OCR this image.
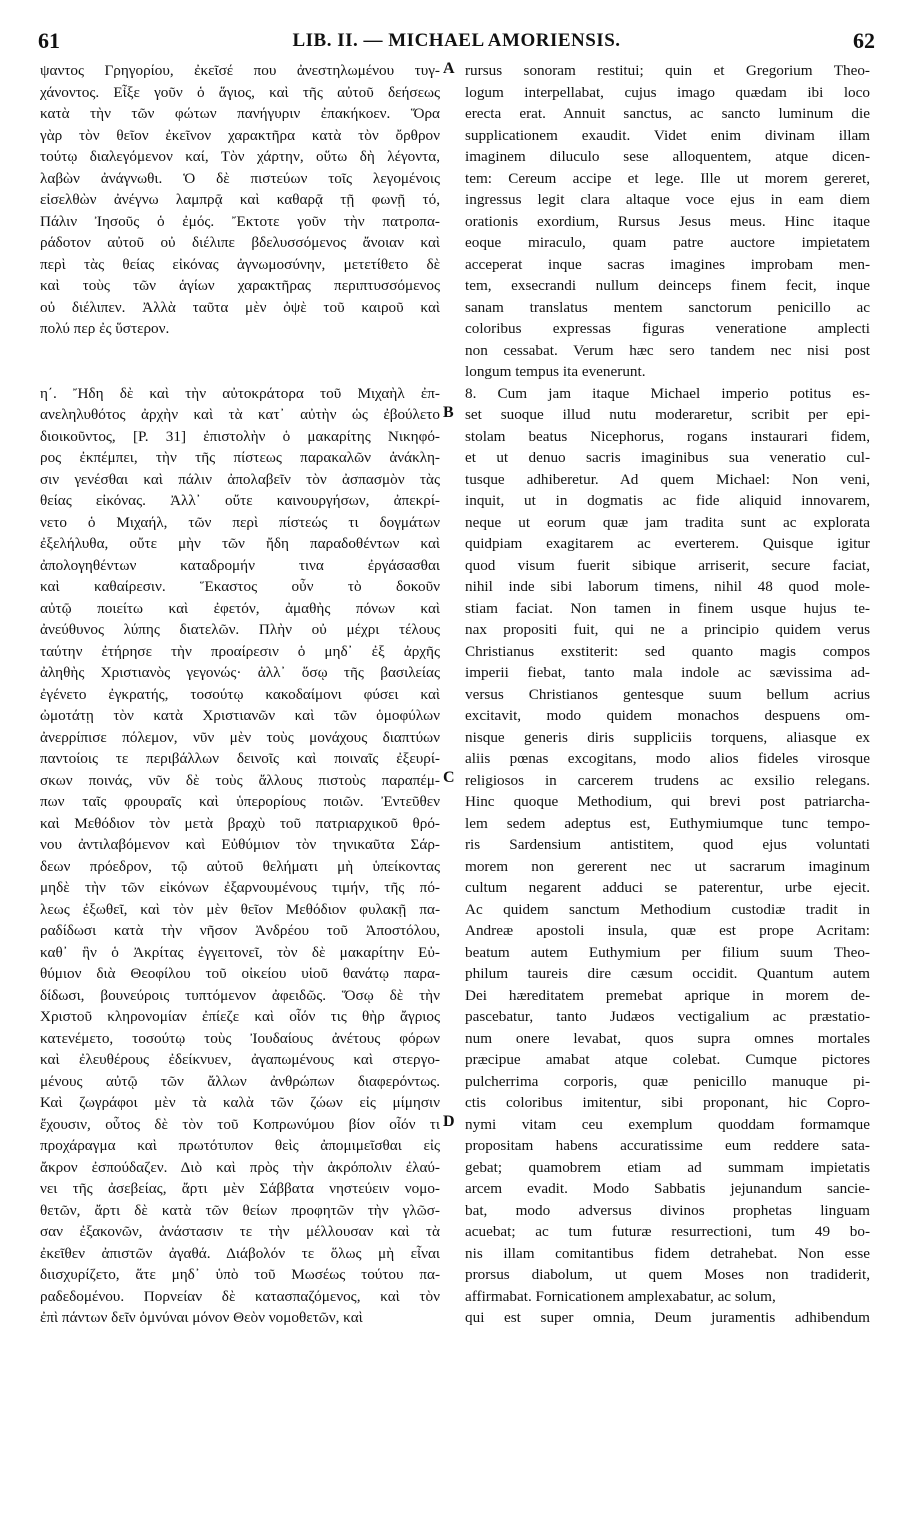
61	LIB. II. — MICHAEL AMORIENSIS.	62
ψαντος Γρηγορίου, ἐκεῖσέ που ἀνεστηλωμένου τυγ-
χάνοντος. Εἶξε γοῦν ὁ ἅγιος, καὶ τῆς αὐτοῦ δεήσεως
κατὰ τὴν τῶν φώτων πανήγυριν ἐπακήκοεν. Ὅρα
γὰρ τὸν θεῖον ἐκεῖνον χαρακτῆρα κατὰ τὸν ὄρθρον
τούτῳ διαλεγόμενον καί, Τὸν χάρτην, οὕτω δὴ λέγοντα,
λαβὼν ἀνάγνωθι. Ὁ δὲ πιστεύων τοῖς λεγομένοις
εἰσελθὼν ἀνέγνω λαμπρᾷ καὶ καθαρᾷ τῇ φωνῇ τό,
Πάλιν Ἰησοῦς ὁ ἐμός. Ἔκτοτε γοῦν τὴν πατροπα-
ράδοτον αὐτοῦ οὐ διέλιπε βδελυσσόμενος ἄνοιαν καὶ
περὶ τὰς θείας εἰκόνας ἀγνωμοσύνην, μετετίθετο δὲ
καὶ τοὺς τῶν ἁγίων χαρακτῆρας περιπτυσσόμενος
οὐ διέλιπεν. Ἀλλὰ ταῦτα μὲν ὀψὲ τοῦ καιροῦ καὶ
πολύ περ ἐς ὕστερον.
η΄. Ἤδη δὲ καὶ τὴν αὐτοκράτορα τοῦ Μιχαὴλ ἐπ-
ανεληλυθότος ἀρχὴν καὶ τὰ κατ᾽ αὐτὴν ὡς ἐβούλετο
διοικοῦντος, [P. 31] ἐπιστολὴν ὁ μακαρίτης Νικηφό-
ρος ἐκπέμπει, τὴν τῆς πίστεως παρακαλῶν ἀνάκλη-
σιν γενέσθαι καὶ πάλιν ἀπολαβεῖν τὸν ἀσπασμὸν τὰς
θείας εἰκόνας. Ἀλλ᾽ οὔτε καινουργήσων, ἀπεκρί-
νετο ὁ Μιχαήλ, τῶν περὶ πίστεώς τι δογμάτων
ἐξελήλυθα, οὔτε μὴν τῶν ἤδη παραδοθέντων καὶ
ἀπολογηθέντων καταδρομήν τινα ἐργάσασθαι
καὶ καθαίρεσιν. Ἕκαστος οὖν τὸ δοκοῦν
αὐτῷ ποιείτω καὶ ἐφετόν, ἀμαθὴς πόνων καὶ
ἀνεύθυνος λύπης διατελῶν. Πλὴν οὐ μέχρι τέλους
ταύτην ἐτήρησε τὴν προαίρεσιν ὁ μηδ᾽ ἐξ ἀρχῆς
ἀληθὴς Χριστιανὸς γεγονώς· ἀλλ᾽ ὅσῳ τῆς βασιλείας
ἐγένετο ἐγκρατής, τοσούτῳ κακοδαίμονι φύσει καὶ
ὠμοτάτῃ τὸν κατὰ Χριστιανῶν καὶ τῶν ὁμοφύλων
ἀνερρίπισε πόλεμον, νῦν μὲν τοὺς μονάχους διαπτύων
παντοίοις τε περιβάλλων δεινοῖς καὶ ποιναῖς ἐξευρί-
σκων ποινάς, νῦν δὲ τοὺς ἄλλους πιστοὺς παραπέμ-
πων ταῖς φρουραῖς καὶ ὑπερορίους ποιῶν. Ἐντεῦθεν
καὶ Μεθόδιον τὸν μετὰ βραχὺ τοῦ πατριαρχικοῦ θρό-
νου ἀντιλαβόμενον καὶ Εὐθύμιον τὸν τηνικαῦτα Σάρ-
δεων πρόεδρον, τῷ αὐτοῦ θελήματι μὴ ὑπείκοντας
μηδὲ τὴν τῶν εἰκόνων ἐξαρνουμένους τιμήν, τῆς πό-
λεως ἐξωθεῖ, καὶ τὸν μὲν θεῖον Μεθόδιον φυλακῇ πα-
ραδίδωσι κατὰ τὴν νῆσον Ἀνδρέου τοῦ Ἀποστόλου,
καθ᾽ ἣν ὁ Ἀκρίτας ἐγγειτονεῖ, τὸν δὲ μακαρίτην Εὐ-
θύμιον διὰ Θεοφίλου τοῦ οἰκείου υἱοῦ θανάτῳ παρα-
δίδωσι, βουνεύροις τυπτόμενον ἀφειδῶς. Ὅσῳ δὲ τὴν
Χριστοῦ κληρονομίαν ἐπίεζε καὶ οἷόν τις θὴρ ἄγριος
κατενέμετο, τοσούτῳ τοὺς Ἰουδαίους ἀνέτους φόρων
καὶ ἐλευθέρους ἐδείκνυεν, ἀγαπωμένους καὶ στεργο-
μένους αὐτῷ τῶν ἄλλων ἀνθρώπων διαφερόντως.
Καὶ ζωγράφοι μὲν τὰ καλὰ τῶν ζώων εἰς μίμησιν
ἔχουσιν, οὗτος δὲ τὸν τοῦ Κοπρωνύμου βίον οἷόν τι
προχάραγμα καὶ πρωτότυπον θεὶς ἀπομιμεῖσθαι εἰς
ἄκρον ἐσπούδαζεν. Διὸ καὶ πρὸς τὴν ἀκρόπολιν ἐλαύ-
νει τῆς ἀσεβείας, ἄρτι μὲν Σάββατα νηστεύειν νομο-
θετῶν, ἄρτι δὲ κατὰ τῶν θείων προφητῶν τὴν γλῶσ-
σαν ἐξακονῶν, ἀνάστασιν τε τὴν μέλλουσαν καὶ τὰ
ἐκεῖθεν ἀπιστῶν ἀγαθά. Διάβολόν τε ὅλως μὴ εἶναι
διισχυρίζετο, ἅτε μηδ᾽ ὑπὸ τοῦ Μωσέως τούτου πα-
ραδεδομένου. Πορνείαν δὲ κατασπαζόμενος, καὶ τὸν
ἐπὶ πάντων δεῖν ὀμνύναι μόνον Θεὸν νομοθετῶν, καὶ
rursus sonoram restitui; quin et Gregorium Theo-
logum interpellabat, cujus imago quædam ibi loco
erecta erat. Annuit sanctus, ac sancto luminum die
supplicationem exaudit. Videt enim divinam illam
imaginem diluculo sese alloquentem, atque dicen-
tem: Cereum accipe et lege. Ille ut morem gereret,
ingressus legit clara altaque voce ejus in eam diem
orationis exordium, Rursus Jesus meus. Hinc itaque
eoque miraculo, quam patre auctore impietatem
acceperat inque sacras imagines improbam men-
tem, exsecrandi nullum deinceps finem fecit, inque
sanam translatus mentem sanctorum penicillo ac
coloribus expressas figuras veneratione amplecti
non cessabat. Verum hæc sero tandem nec nisi post
longum tempus ita evenerunt.
8. Cum jam itaque Michael imperio potitus es-
set suoque illud nutu moderaretur, scribit per epi-
stolam beatus Nicephorus, rogans instaurari fidem,
et ut denuo sacris imaginibus sua veneratio cul-
tusque adhiberetur. Ad quem Michael: Non veni,
inquit, ut in dogmatis ac fide aliquid innovarem,
neque ut eorum quæ jam tradita sunt ac explorata
quidpiam exagitarem ac everterem. Quisque igitur
quod visum fuerit sibique arriserit, secure faciat,
nihil inde sibi laborum timens, nihil 48 quod mole-
stiam faciat. Non tamen in finem usque hujus te-
nax propositi fuit, qui ne a principio quidem verus
Christianus exstiterit: sed quanto magis compos
imperii fiebat, tanto mala indole ac sævissima ad-
versus Christianos gentesque suum bellum acrius
excitavit, modo quidem monachos despuens om-
nisque generis diris suppliciis torquens, aliasque ex
aliis pœnas excogitans, modo alios fideles virosque
religiosos in carcerem trudens ac exsilio relegans.
Hinc quoque Methodium, qui brevi post patriarcha-
lem sedem adeptus est, Euthymiumque tunc tempo-
ris Sardensium antistitem, quod ejus voluntati
morem non gererent nec ut sacrarum imaginum
cultum negarent adduci se paterentur, urbe ejecit.
Ac quidem sanctum Methodium custodiæ tradit in
Andreæ apostoli insula, quæ est prope Acritam:
beatum autem Euthymium per filium suum Theo-
philum taureis dire cæsum occidit. Quantum autem
Dei hæreditatem premebat aprique in morem de-
pascebatur, tanto Judæos vectigalium ac præstatio-
num onere levabat, quos supra omnes mortales
præcipue amabat atque colebat. Cumque pictores
pulcherrima corporis, quæ penicillo manuque pi-
ctis coloribus imitentur, sibi proponant, hic Copro-
nymi vitam ceu exemplum quoddam formamque
propositam habens accuratissime eum reddere sata-
gebat; quamobrem etiam ad summam impietatis
arcem evadit. Modo Sabbatis jejunandum sancie-
bat, modo adversus divinos prophetas linguam
acuebat; ac tum futuræ resurrectioni, tum 49 bo-
nis illam comitantibus fidem detrahebat. Non esse
prorsus diabolum, ut quem Moses non tradiderit,
affirmabat. Fornicationem amplexabatur, ac solum,
qui est super omnia, Deum juramentis adhibendum
A
B
C
D
